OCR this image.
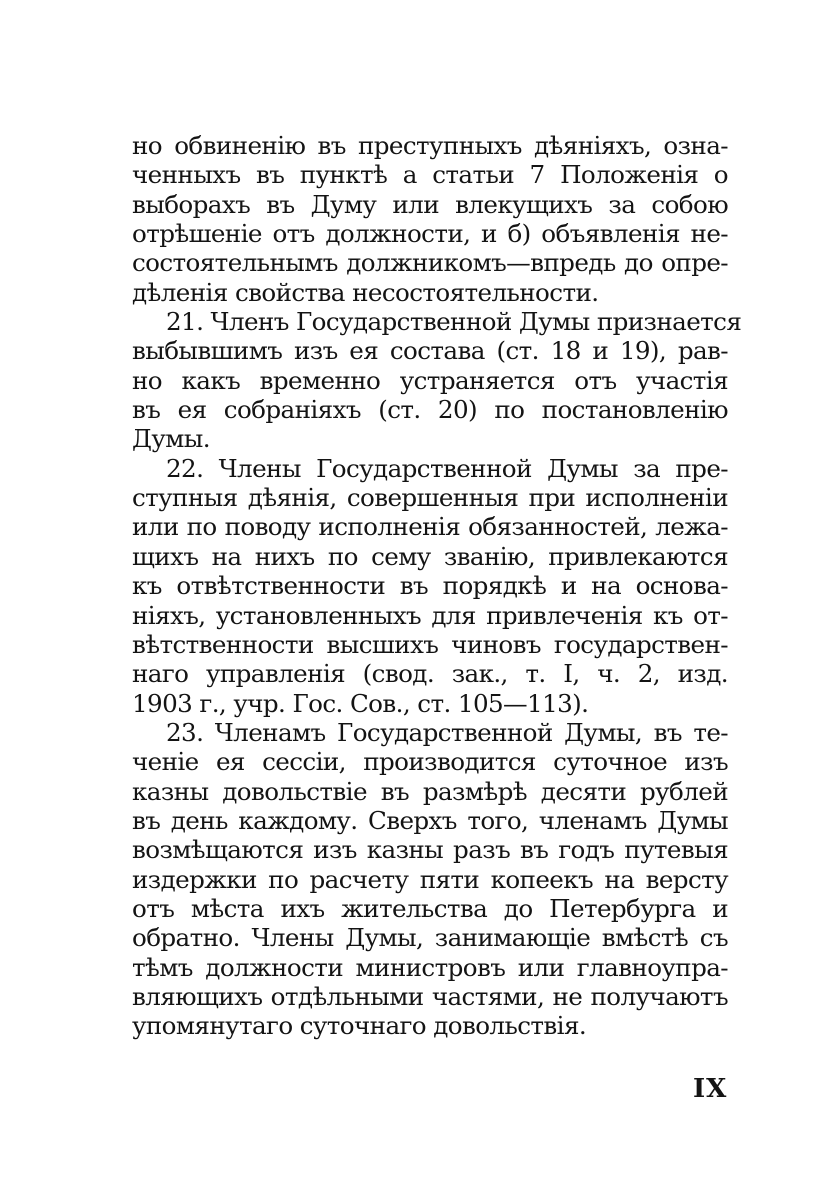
но обвиненію въ преступныхъ дѣяніяхъ, озна-
ченныхъ въ пунктѣ а статьи 7 Положенія о
выборахъ въ Думу или влекущихъ за собою
отрѣшеніе отъ должности, и б) объявленія не-
состоятельнымъ должникомъ—впредь до опре-
дѣленія свойства несостоятельности.
21. Членъ Государственной Думы признается
выбывшимъ изъ ея состава (ст. 18 и 19), рав-
но какъ временно устраняется отъ участія
въ ея собраніяхъ (ст. 20) по постановленію
Думы.
22. Члены Государственной Думы за пре-
ступныя дѣянія, совершенныя при исполненіи
или по поводу исполненія обязанностей, лежа-
щихъ на нихъ по сему званію, привлекаются
къ отвѣтственности въ порядкѣ и на основа-
ніяхъ, установленныхъ для привлеченія къ от-
вѣтственности высшихъ чиновъ государствен-
наго управленія (свод. зак., т. I, ч. 2, изд.
1903 г., учр. Гос. Сов., ст. 105—113).
23. Членамъ Государственной Думы, въ те-
ченіе ея сессіи, производится суточное изъ
казны довольствіе въ размѣрѣ десяти рублей
въ день каждому. Сверхъ того, членамъ Думы
возмѣщаются изъ казны разъ въ годъ путевыя
издержки по расчету пяти копеекъ на версту
отъ мѣста ихъ жительства до Петербурга и
обратно. Члены Думы, занимающіе вмѣстѣ съ
тѣмъ должности министровъ или главноупра-
вляющихъ отдѣльными частями, не получаютъ
упомянутаго суточнаго довольствія.
IX
